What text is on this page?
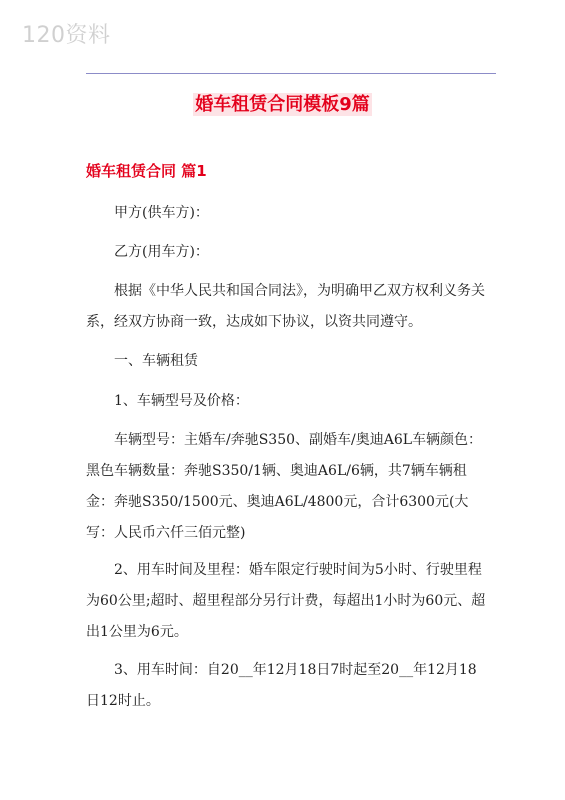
120资料
婚车租赁合同模板9篇
婚车租赁合同 篇1
甲方(供车方)：
乙方(用车方)：
根据《中华人民共和国合同法》，为明确甲乙双方权利义务关系，经双方协商一致，达成如下协议，以资共同遵守。
一、车辆租赁
1、车辆型号及价格：
车辆型号：主婚车/奔驰S350、副婚车/奥迪A6L车辆颜色：黑色车辆数量：奔驰S350/1辆、奥迪A6L/6辆，共7辆车辆租金：奔驰S350/1500元、奥迪A6L/4800元，合计6300元(大写：人民币六仟三佰元整)
2、用车时间及里程：婚车限定行驶时间为5小时、行驶里程为60公里;超时、超里程部分另行计费，每超出1小时为60元、超出1公里为6元。
3、用车时间：自20__年12月18日7时起至20__年12月18日12时止。
